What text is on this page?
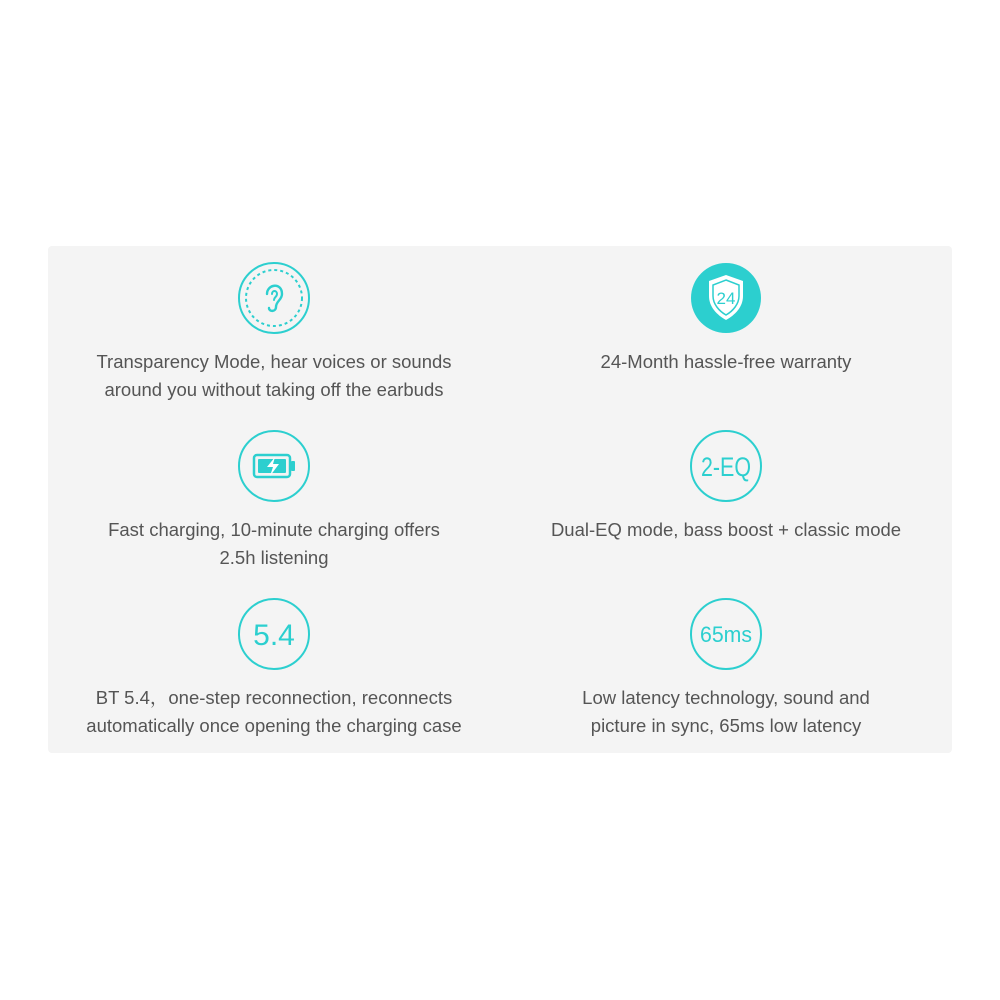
Transparency Mode, hear voices or sounds
around you without taking off the earbuds
24
24-Month hassle-free warranty
Fast charging, 10-minute charging offers
2.5h listening
2-EQ
Dual-EQ mode, bass boost + classic mode
5.4
BT 5.4，one-step reconnection, reconnects
automatically once opening the charging case
65ms
Low latency technology, sound and
picture in sync, 65ms low latency
